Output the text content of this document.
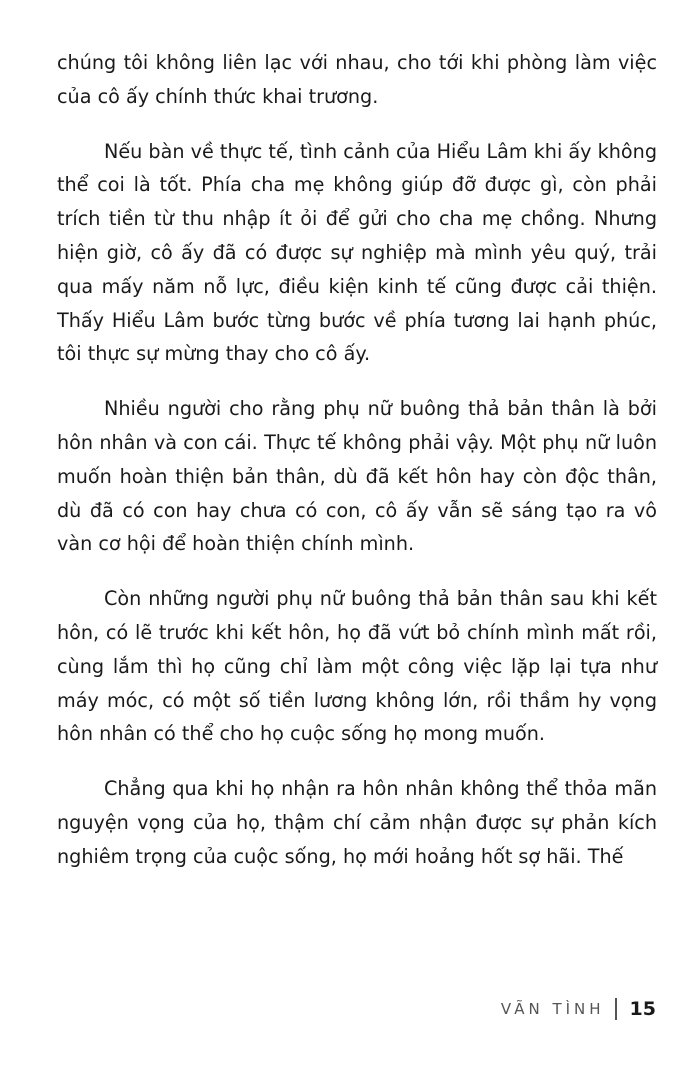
chúng tôi không liên lạc với nhau, cho tới khi phòng làm việc của cô ấy chính thức khai trương.

Nếu bàn về thực tế, tình cảnh của Hiểu Lâm khi ấy không thể coi là tốt. Phía cha mẹ không giúp đỡ được gì, còn phải trích tiền từ thu nhập ít ỏi để gửi cho cha mẹ chồng. Nhưng hiện giờ, cô ấy đã có được sự nghiệp mà mình yêu quý, trải qua mấy năm nỗ lực, điều kiện kinh tế cũng được cải thiện. Thấy Hiểu Lâm bước từng bước về phía tương lai hạnh phúc, tôi thực sự mừng thay cho cô ấy.

Nhiều người cho rằng phụ nữ buông thả bản thân là bởi hôn nhân và con cái. Thực tế không phải vậy. Một phụ nữ luôn muốn hoàn thiện bản thân, dù đã kết hôn hay còn độc thân, dù đã có con hay chưa có con, cô ấy vẫn sẽ sáng tạo ra vô vàn cơ hội để hoàn thiện chính mình.

Còn những người phụ nữ buông thả bản thân sau khi kết hôn, có lẽ trước khi kết hôn, họ đã vứt bỏ chính mình mất rồi, cùng lắm thì họ cũng chỉ làm một công việc lặp lại tựa như máy móc, có một số tiền lương không lớn, rồi thầm hy vọng hôn nhân có thể cho họ cuộc sống họ mong muốn.

Chẳng qua khi họ nhận ra hôn nhân không thể thỏa mãn nguyện vọng của họ, thậm chí cảm nhận được sự phản kích nghiêm trọng của cuộc sống, họ mới hoảng hốt sợ hãi. Thế

VÃN TÌNH 15
